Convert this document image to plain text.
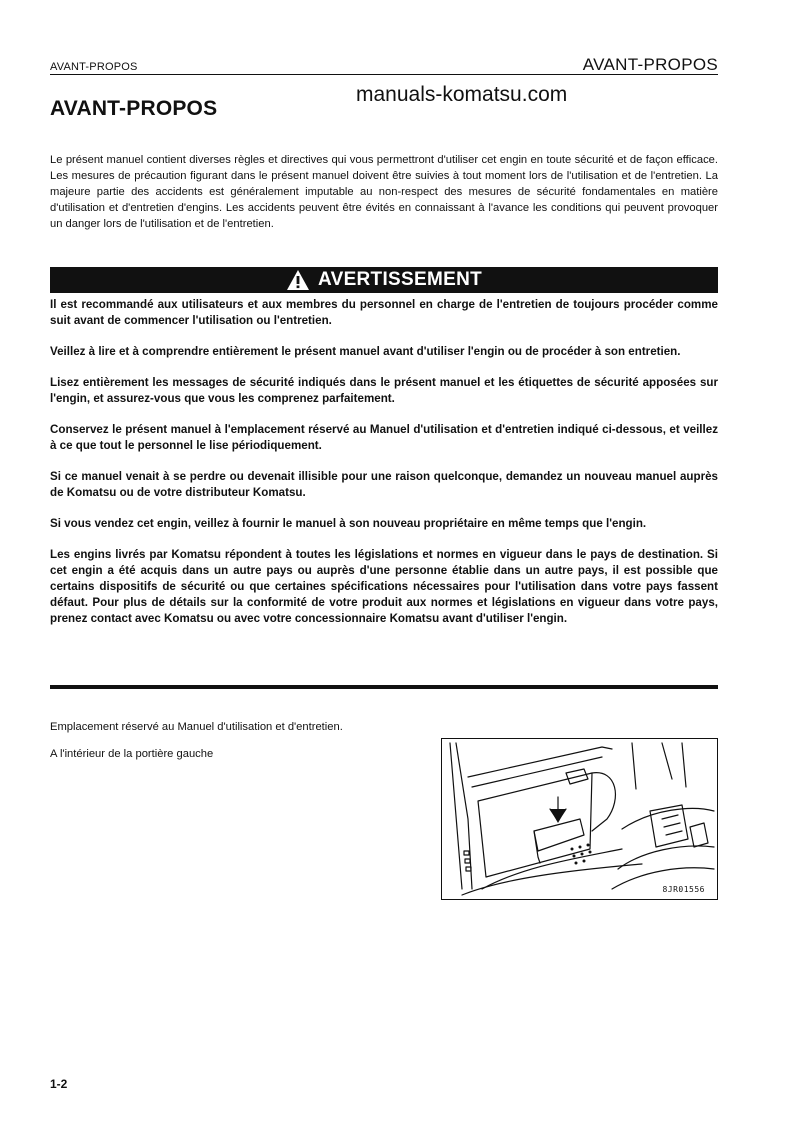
AVANT-PROPOS	AVANT-PROPOS
AVANT-PROPOS
manuals-komatsu.com

Le présent manuel contient diverses règles et directives qui vous permettront d'utiliser cet engin en toute sécurité et de façon efficace. Les mesures de précaution figurant dans le présent manuel doivent être suivies à tout moment lors de l'utilisation et de l'entretien. La majeure partie des accidents est généralement imputable au non-respect des mesures de sécurité fondamentales en matière d'utilisation et d'entretien d'engins. Les accidents peuvent être évités en connaissant à l'avance les conditions qui peuvent provoquer un danger lors de l'utilisation et de l'entretien.

AVERTISSEMENT

Il est recommandé aux utilisateurs et aux membres du personnel en charge de l'entretien de toujours procéder comme suit avant de commencer l'utilisation ou l'entretien.

Veillez à lire et à comprendre entièrement le présent manuel avant d'utiliser l'engin ou de procéder à son entretien.

Lisez entièrement les messages de sécurité indiqués dans le présent manuel et les étiquettes de sécurité apposées sur l'engin, et assurez-vous que vous les comprenez parfaitement.

Conservez le présent manuel à l'emplacement réservé au Manuel d'utilisation et d'entretien indiqué ci-dessous, et veillez à ce que tout le personnel le lise périodiquement.

Si ce manuel venait à se perdre ou devenait illisible pour une raison quelconque, demandez un nouveau manuel auprès de Komatsu ou de votre distributeur Komatsu.

Si vous vendez cet engin, veillez à fournir le manuel à son nouveau propriétaire en même temps que l'engin.

Les engins livrés par Komatsu répondent à toutes les législations et normes en vigueur dans le pays de destination. Si cet engin a été acquis dans un autre pays ou auprès d'une personne établie dans un autre pays, il est possible que certains dispositifs de sécurité ou que certaines spécifications nécessaires pour l'utilisation dans votre pays fassent défaut. Pour plus de détails sur la conformité de votre produit aux normes et législations en vigueur dans votre pays, prenez contact avec Komatsu ou avec votre concessionnaire Komatsu avant d'utiliser l'engin.

Emplacement réservé au Manuel d'utilisation et d'entretien.
A l'intérieur de la portière gauche
8JR01556
1-2
